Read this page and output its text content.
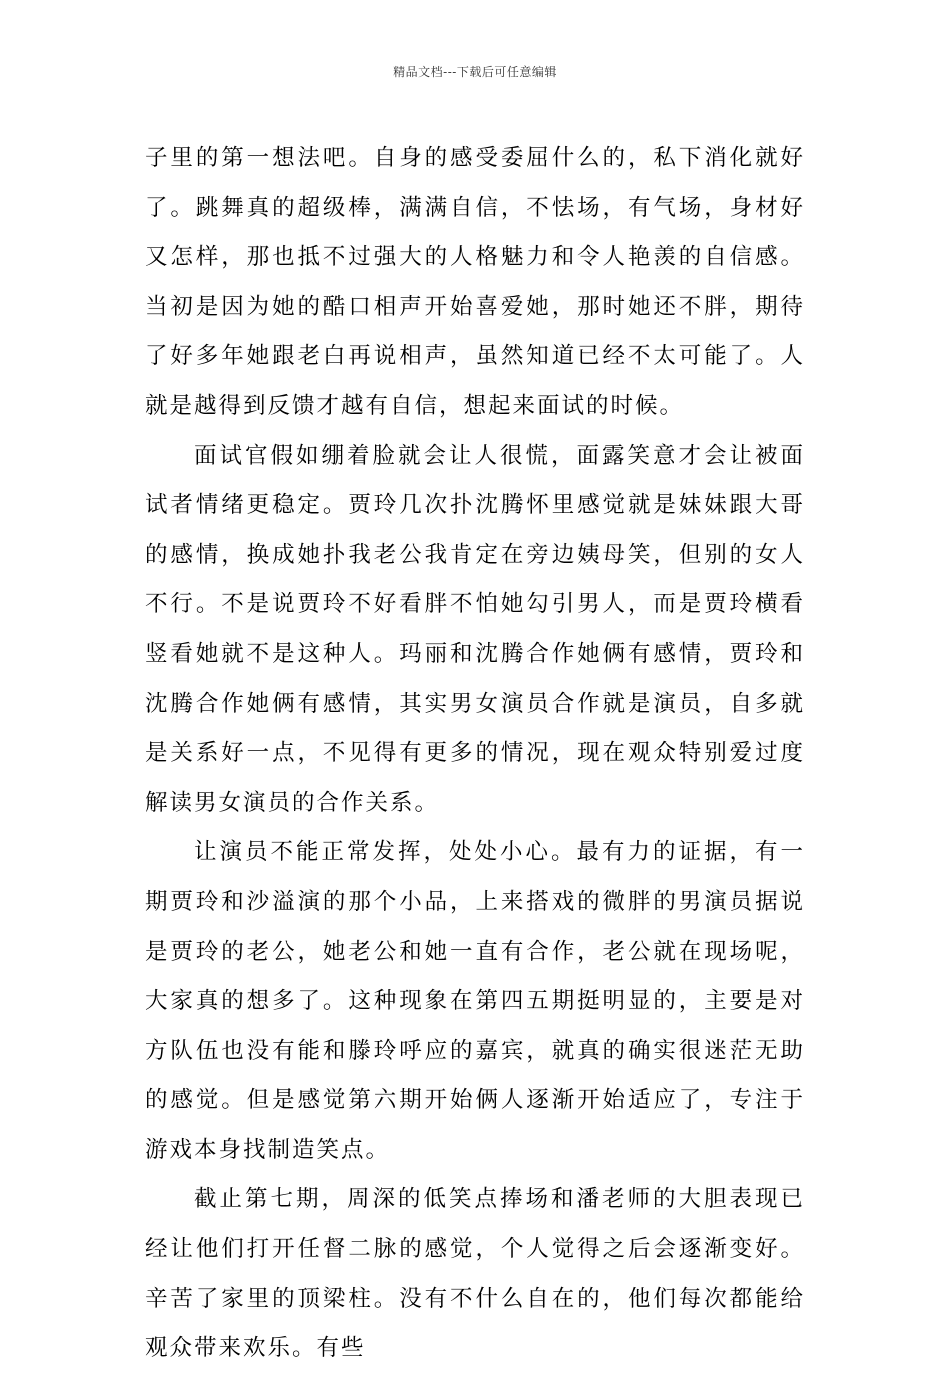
精品文档---下载后可任意编辑

子里的第一想法吧。自身的感受委屈什么的，私下消化就好了。跳舞真的超级棒，满满自信，不怯场，有气场，身材好又怎样，那也抵不过强大的人格魅力和令人艳羡的自信感。当初是因为她的酷口相声开始喜爱她，那时她还不胖，期待了好多年她跟老白再说相声，虽然知道已经不太可能了。人就是越得到反馈才越有自信，想起来面试的时候。

面试官假如绷着脸就会让人很慌，面露笑意才会让被面试者情绪更稳定。贾玲几次扑沈腾怀里感觉就是妹妹跟大哥的感情，换成她扑我老公我肯定在旁边姨母笑，但别的女人不行。不是说贾玲不好看胖不怕她勾引男人，而是贾玲横看竖看她就不是这种人。玛丽和沈腾合作她俩有感情，贾玲和沈腾合作她俩有感情，其实男女演员合作就是演员，自多就是关系好一点，不见得有更多的情况，现在观众特别爱过度解读男女演员的合作关系。

让演员不能正常发挥，处处小心。最有力的证据，有一期贾玲和沙溢演的那个小品，上来搭戏的微胖的男演员据说是贾玲的老公，她老公和她一直有合作，老公就在现场呢，大家真的想多了。这种现象在第四五期挺明显的，主要是对方队伍也没有能和滕玲呼应的嘉宾，就真的确实很迷茫无助的感觉。但是感觉第六期开始俩人逐渐开始适应了，专注于游戏本身找制造笑点。

截止第七期，周深的低笑点捧场和潘老师的大胆表现已经让他们打开任督二脉的感觉，个人觉得之后会逐渐变好。辛苦了家里的顶梁柱。没有不什么自在的，他们每次都能给观众带来欢乐。有些
